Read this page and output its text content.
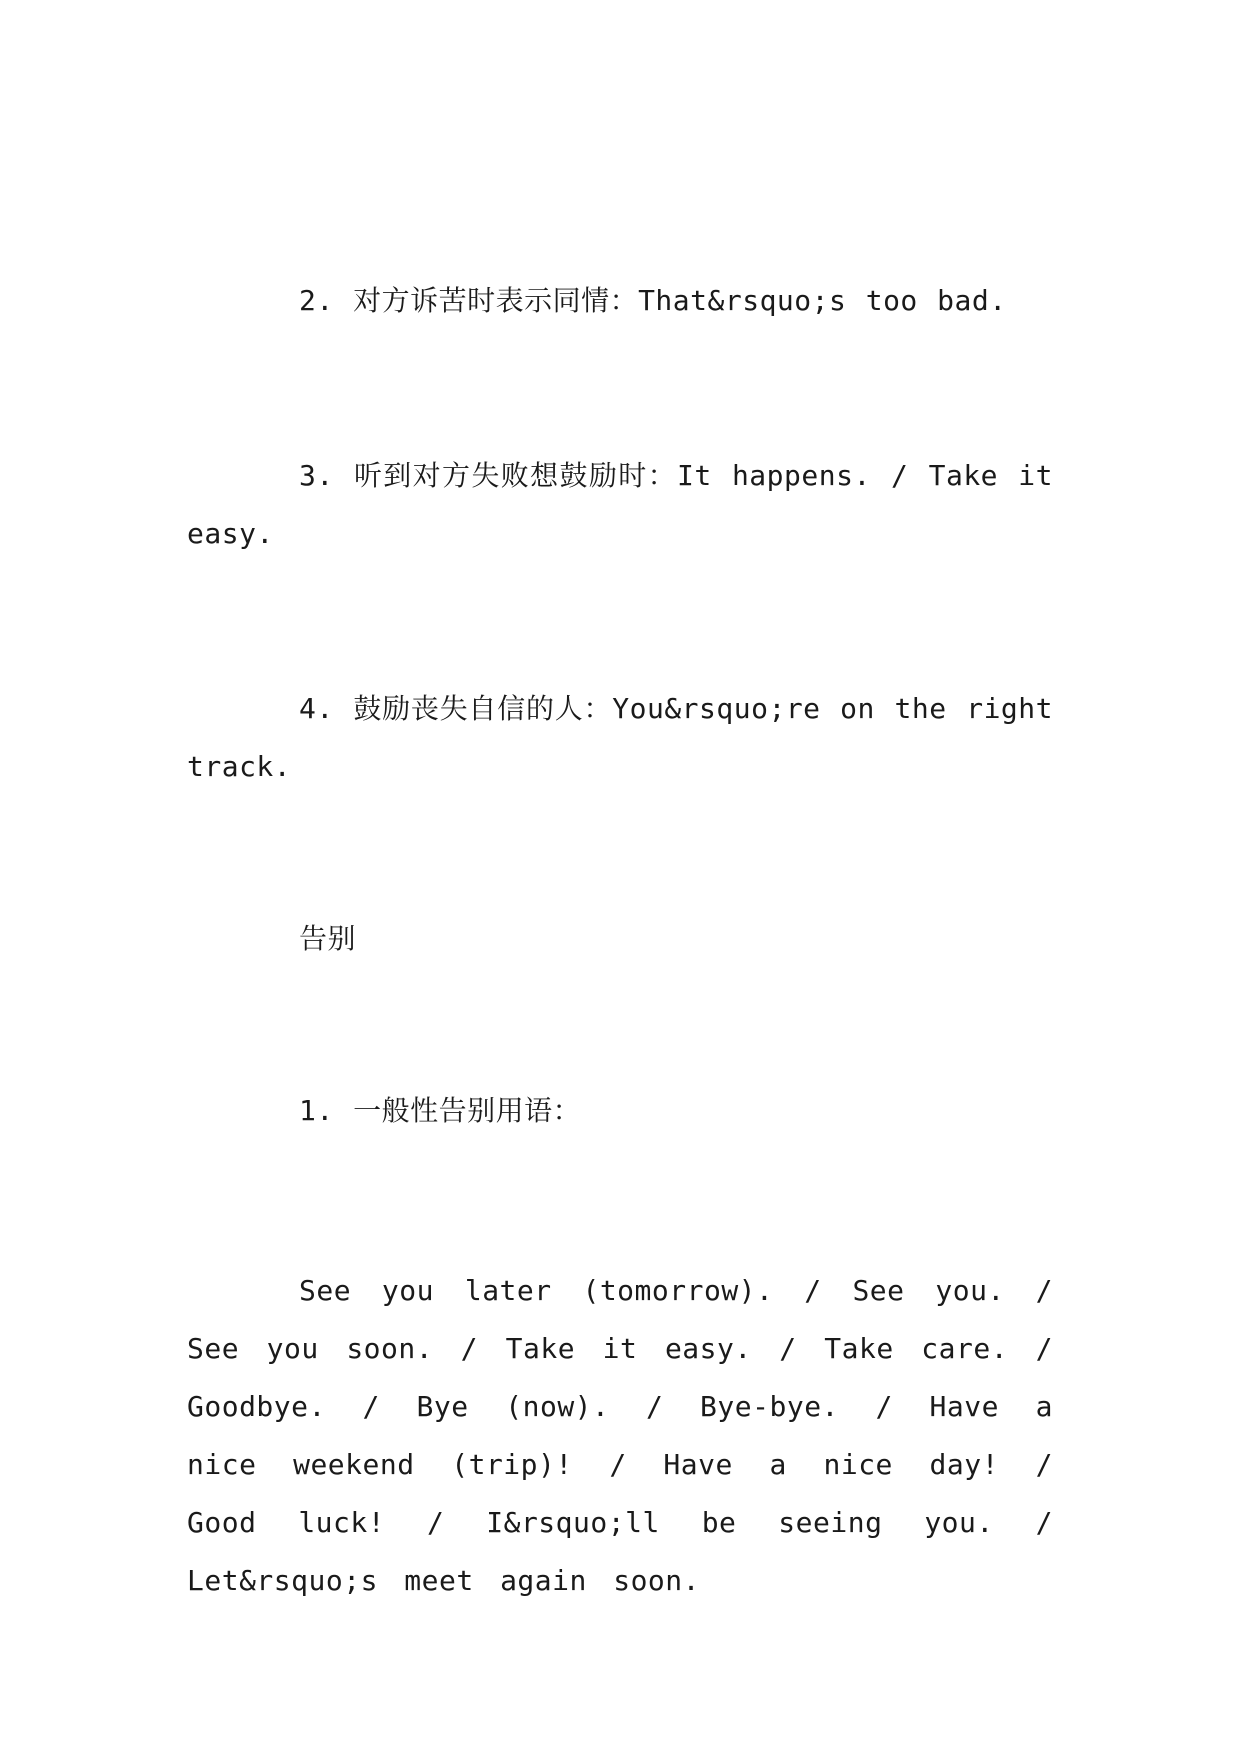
2. 对方诉苦时表示同情：That&rsquo;s too bad.

3. 听到对方失败想鼓励时：It happens. / Take it easy.

4. 鼓励丧失自信的人：You&rsquo;re on the right track.

告别

1. 一般性告别用语：

See you later (tomorrow). / See you. / See you soon. / Take it easy. / Take care. / Goodbye. / Bye (now). / Bye-bye. / Have a nice weekend (trip)! / Have a nice day! / Good luck! / I&rsquo;ll be seeing you. / Let&rsquo;s meet again soon.
